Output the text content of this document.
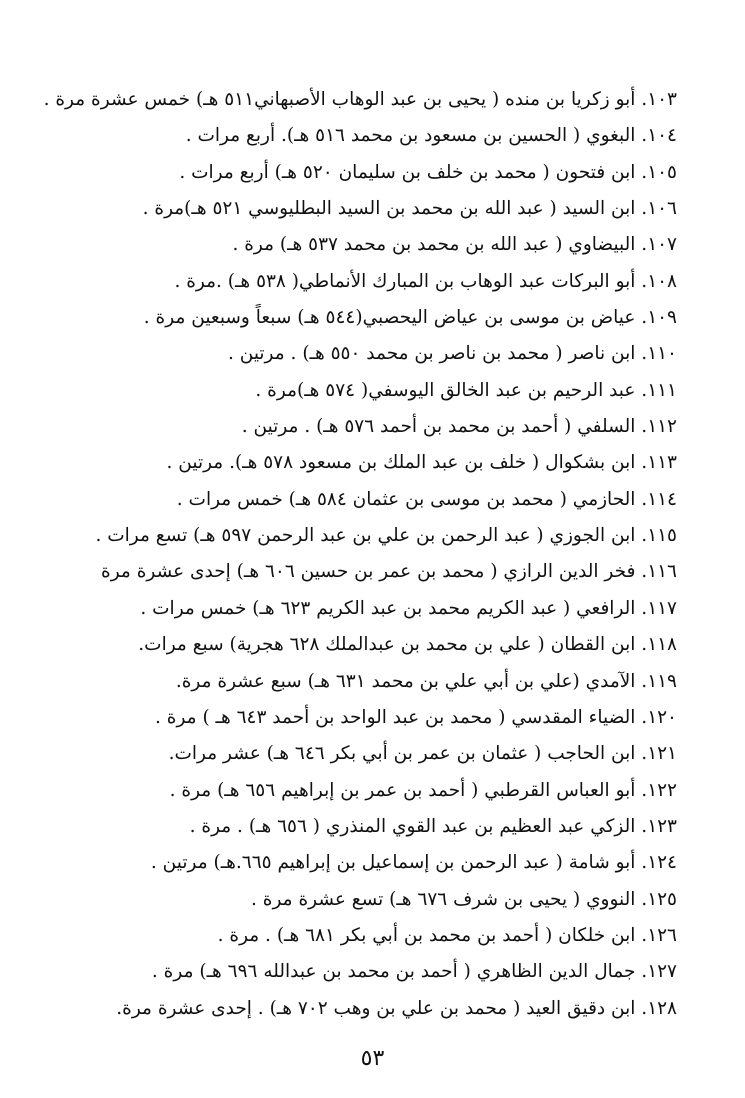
١٠٣. أبو زكريا بن منده ( يحيى بن عبد الوهاب الأصبهاني٥١١ هـ) خمس عشرة مرة .
١٠٤. البغوي ( الحسين بن مسعود بن محمد ٥١٦ هـ). أربع مرات .
١٠٥. ابن فتحون ( محمد بن خلف بن سليمان ٥٢٠ هـ) أربع مرات .
١٠٦. ابن السيد ( عبد الله بن محمد بن السيد البطليوسي ٥٢١ هـ)مرة .
١٠٧. البيضاوي ( عبد الله بن محمد بن محمد ٥٣٧ هـ) مرة .
١٠٨. أبو البركات عبد الوهاب بن المبارك الأنماطي( ٥٣٨ هـ) .مرة .
١٠٩. عياض بن موسى بن عياض اليحصبي(٥٤٤ هـ) سبعاً وسبعين مرة .
١١٠. ابن ناصر ( محمد بن ناصر بن محمد ٥٥٠ هـ) . مرتين .
١١١. عبد الرحيم بن عبد الخالق اليوسفي( ٥٧٤ هـ)مرة .
١١٢. السلفي ( أحمد بن محمد بن أحمد ٥٧٦ هـ) . مرتين .
١١٣. ابن بشكوال ( خلف بن عبد الملك بن مسعود ٥٧٨ هـ). مرتين .
١١٤. الحازمي ( محمد بن موسى بن عثمان ٥٨٤ هـ) خمس مرات .
١١٥. ابن الجوزي ( عبد الرحمن بن علي بن عبد الرحمن ٥٩٧ هـ) تسع مرات .
١١٦. فخر الدين الرازي ( محمد بن عمر بن حسين ٦٠٦ هـ) إحدى عشرة مرة
١١٧. الرافعي ( عبد الكريم محمد بن عبد الكريم ٦٢٣ هـ) خمس مرات .
١١٨. ابن القطان ( علي بن محمد بن عبدالملك ٦٢٨ هجرية) سبع مرات.
١١٩. الآمدي (علي بن أبي علي بن محمد ٦٣١ هـ) سبع عشرة مرة.
١٢٠. الضياء المقدسي ( محمد بن عبد الواحد بن أحمد ٦٤٣ هـ ) مرة .
١٢١. ابن الحاجب ( عثمان بن عمر بن أبي بكر ٦٤٦ هـ) عشر مرات.
١٢٢. أبو العباس القرطبي ( أحمد بن عمر بن إبراهيم ٦٥٦ هـ) مرة .
١٢٣. الزكي عبد العظيم بن عبد القوي المنذري ( ٦٥٦ هـ) . مرة .
١٢٤. أبو شامة ( عبد الرحمن بن إسماعيل بن إبراهيم ٦٦٥.هـ) مرتين .
١٢٥. النووي ( يحيى بن شرف ٦٧٦ هـ) تسع عشرة مرة .
١٢٦. ابن خلكان ( أحمد بن محمد بن أبي بكر ٦٨١ هـ) . مرة .
١٢٧. جمال الدين الظاهري ( أحمد بن محمد بن عبدالله ٦٩٦ هـ) مرة .
١٢٨. ابن دقيق العيد ( محمد بن علي بن وهب ٧٠٢ هـ) . إحدى عشرة مرة.
٥٣
